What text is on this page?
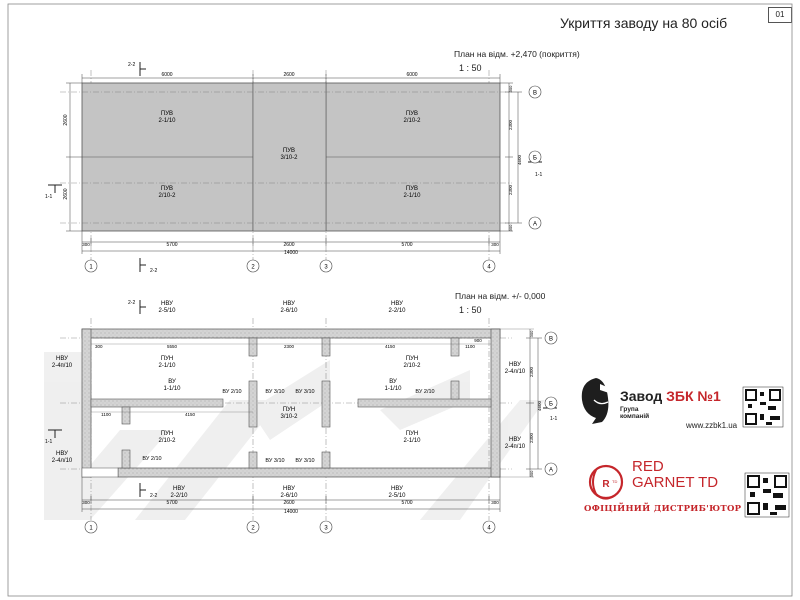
Укриття заводу на 80 осіб
01
ПУВ
2-1/10
ПУВ
2/10-2
ПУВ
3/10-2
ПУВ
2/10-2
ПУВ
2-1/10
6000	2600	6000
300	5700	2600	5700	300
14000
2600
2600
2300
4600
2300
300
300
2-2
2-2
1-1
1-1
1	2	3	4
В
Б
А
НВУ
2-5/10
НВУ
2-6/10
НВУ
2-2/10
НВУ
2-2/10
НВУ
2-6/10
НВУ
2-5/10
НВУ
2-4п/10
НВУ
2-4л/10
НВУ
2-4л/10
НВУ
2-4п/10
ПУН
2-1/10
ПУН
2/10-2
ПУН
3/10-2
ПУН
2/10-2
ПУН
2-1/10
ВУ
1-1/10
ВУ
1-1/10
ВУ 2/10	ВУ 3/10 ВУ 3/10	ВУ 2/10
ВУ 2/10	ВУ 3/10 ВУ 3/10
300	5550	2300	4150	1100
900
1100	4150
300	5700	2600	5700	300
14000
2300
4600
2300
300
300
2-2
2-2
1-1
1-1
1	2	3	4
В
Б
А
R TD
План на відм. +2,470 (покриття)
1 : 50
План на відм. +/- 0,000
1 : 50
Завод ЗБК №1
Група
компаній
www.zzbk1.ua
RED
GARNET TD
ОФІЦІЙНИЙ ДИСТРИБ'ЮТОР
